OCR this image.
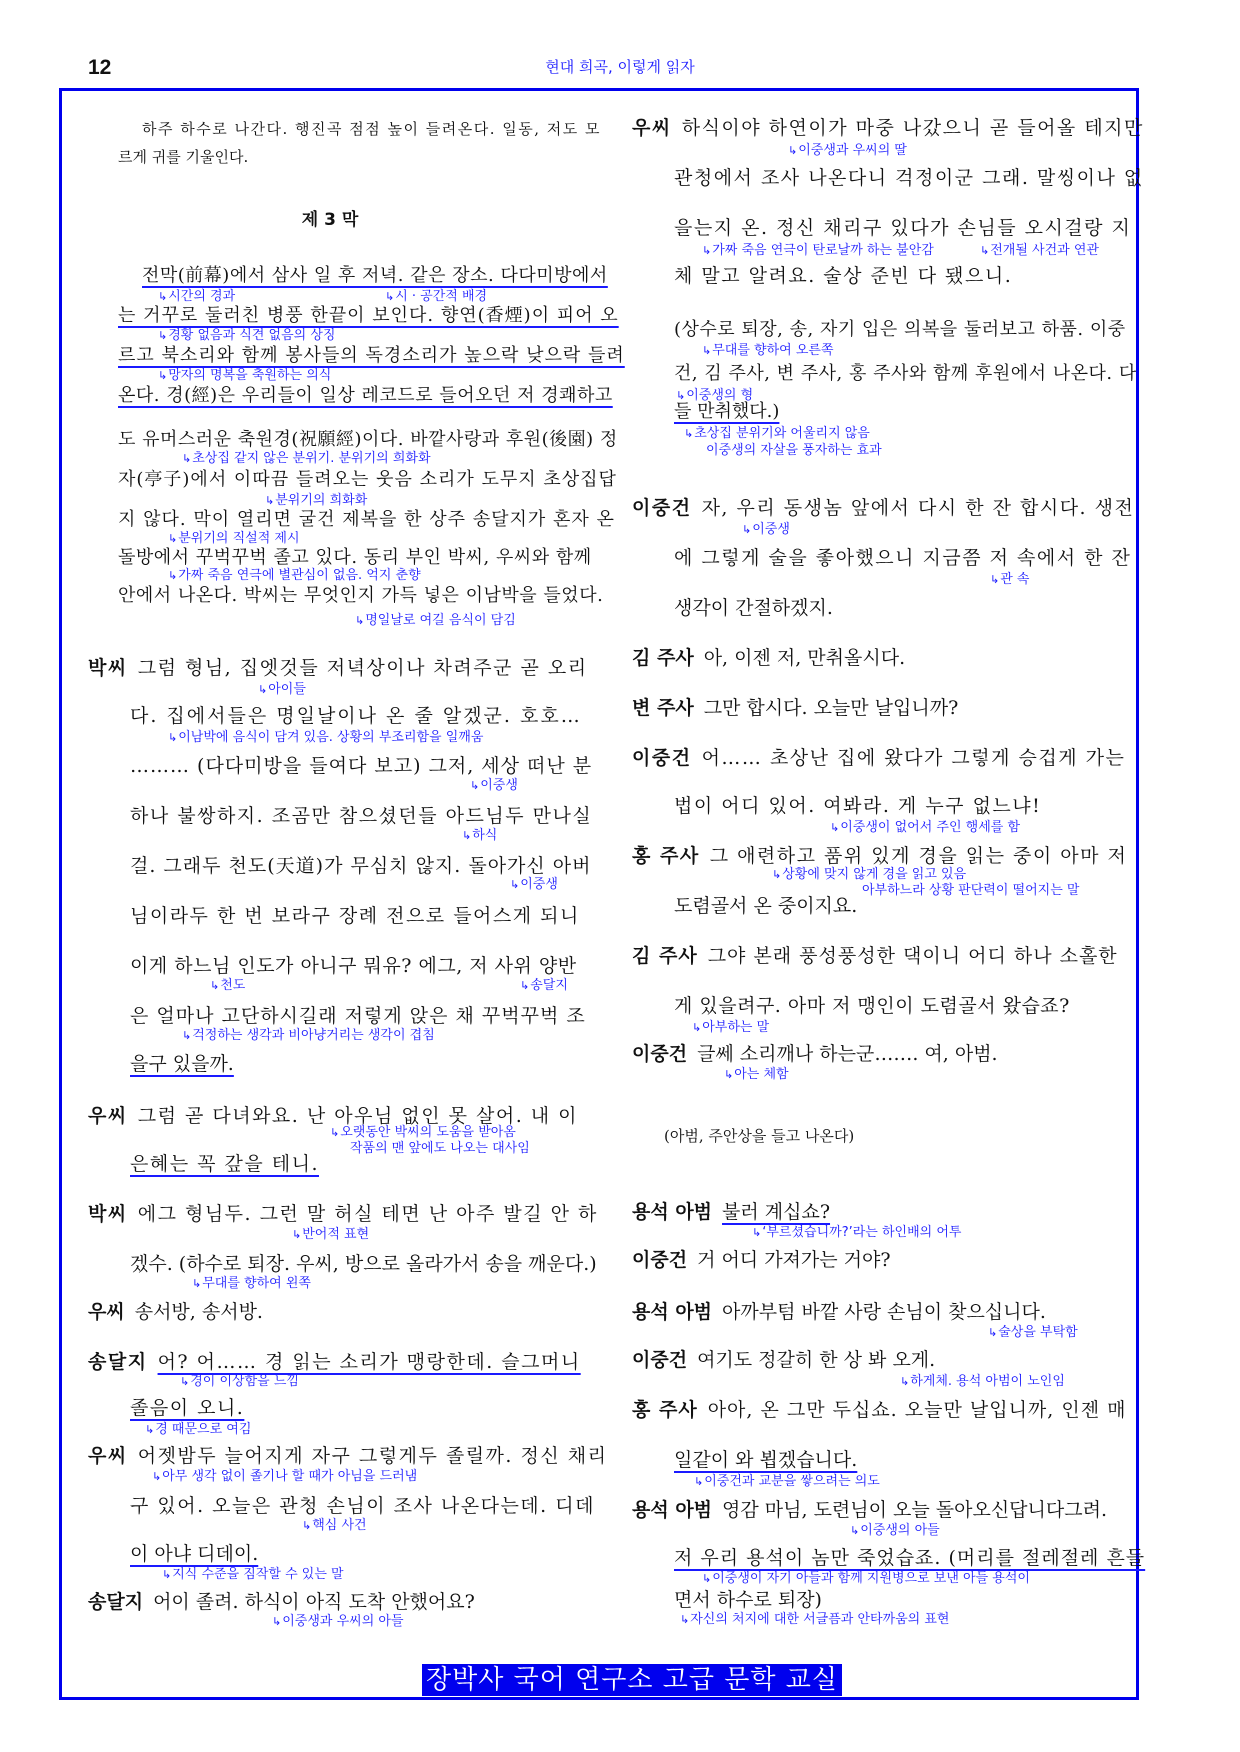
12	현대 희곡, 이렇게 읽자
하주 하수로 나간다. 행진곡 점점 높이 들려온다. 일동, 저도 모
르게 귀를 기울인다.
제 3 막
전막(前幕)에서 삼사 일 후 저녁. 같은 장소. 다다미방에서
↳ 시간의 경과	↳ 시 · 공간적 배경
는 거꾸로 둘러친 병풍 한끝이 보인다. 향연(香煙)이 피어 오
↳ 경황 없음과 식견 없음의 상징
르고 북소리와 함께 봉사들의 독경소리가 높으락 낮으락 들려
↳ 망자의 명복을 축원하는 의식
온다. 경(經)은 우리들이 일상 레코드로 들어오던 저 경쾌하고
도 유머스러운 축원경(祝願經)이다. 바깥사랑과 후원(後園) 정
↳ 초상집 같지 않은 분위기. 분위기의 희화화
자(亭子)에서 이따끔 들려오는 웃음 소리가 도무지 초상집답
↳ 분위기의 희화화
지 않다. 막이 열리면 굴건 제복을 한 상주 송달지가 혼자 온
↳ 분위기의 직설적 제시
돌방에서 꾸벅꾸벅 졸고 있다. 동리 부인 박씨, 우씨와 함께
↳ 가짜 죽음 연극에 별관심이 없음. 억지 춘향
안에서 나온다. 박씨는 무엇인지 가득 넣은 이남박을 들었다.
↳ 명일날로 여길 음식이 담김
박씨 그럼 형님, 집엣것들 저녁상이나 차려주군 곧 오리
↳ 아이들
다. 집에서들은 명일날이나 온 줄 알겠군. 호호…
↳ 이남박에 음식이 담겨 있음. 상황의 부조리함을 일깨움
……… (다다미방을 들여다 보고) 그저, 세상 떠난 분
↳ 이중생
하나 불쌍하지. 조곰만 참으셨던들 아드님두 만나실
↳ 하식
걸. 그래두 천도(天道)가 무심치 않지. 돌아가신 아버
↳ 이중생
님이라두 한 번 보라구 장례 전으로 들어스게 되니
이게 하느님 인도가 아니구 뭐유? 에그, 저 사위 양반
↳ 천도	↳ 송달지
은 얼마나 고단하시길래 저렇게 앉은 채 꾸벅꾸벅 조
↳ 걱정하는 생각과 비아냥거리는 생각이 겹침
을구 있을까.
우씨 그럼 곧 다녀와요. 난 아우님 없인 못 살어. 내 이
↳ 오랫동안 박씨의 도움을 받아옴
작품의 맨 앞에도 나오는 대사임
은혜는 꼭 갚을 테니.
박씨 에그 형님두. 그런 말 허실 테면 난 아주 발길 안 하
↳ 반어적 표현
겠수. (하수로 퇴장. 우씨, 방으로 올라가서 송을 깨운다.)
↳ 무대를 향하여 왼쪽
우씨 송서방, 송서방.
송달지 어? 어…… 경 읽는 소리가 맹랑한데. 슬그머니
↳ 경이 이상함을 느낌
졸음이 오니.
↳ 경 때문으로 여김
우씨 어젯밤두 늘어지게 자구 그렇게두 졸릴까. 정신 채리
↳ 아무 생각 없이 졸기나 할 때가 아님을 드러냄
구 있어. 오늘은 관청 손님이 조사 나온다는데. 디데
↳ 핵심 사건
이 아냐 디데이.
↳ 지식 수준을 짐작할 수 있는 말
송달지 어이 졸려. 하식이 아직 도착 안했어요?
↳ 이중생과 우씨의 아들
우씨 하식이야 하연이가 마중 나갔으니 곧 들어올 테지만
↳ 이중생과 우씨의 딸
관청에서 조사 나온다니 걱정이군 그래. 말씽이나 없
을는지 온. 정신 채리구 있다가 손님들 오시걸랑 지
↳ 가짜 죽음 연극이 탄로날까 하는 불안감	↳ 전개될 사건과 연관
체 말고 알려요. 술상 준빈 다 됐으니.
(상수로 퇴장, 송, 자기 입은 의복을 둘러보고 하품. 이중
↳ 무대를 향하여 오른쪽
건, 김 주사, 변 주사, 홍 주사와 함께 후원에서 나온다. 다
↳ 이중생의 형
들 만취했다.)
↳ 초상집 분위기와 어울리지 않음
이중생의 자살을 풍자하는 효과
이중건 자, 우리 동생놈 앞에서 다시 한 잔 합시다. 생전
↳ 이중생
에 그렇게 술을 좋아했으니 지금쯤 저 속에서 한 잔
↳ 관 속
생각이 간절하겠지.
김 주사 아, 이젠 저, 만취올시다.
변 주사 그만 합시다. 오늘만 날입니까?
이중건 어…… 초상난 집에 왔다가 그렇게 승겁게 가는
법이 어디 있어. 여봐라. 게 누구 없느냐!
↳ 이중생이 없어서 주인 행세를 함
홍 주사 그 애련하고 품위 있게 경을 읽는 중이 아마 저
↳ 상황에 맞지 않게 경을 읽고 있음
아부하느라 상황 판단력이 떨어지는 말
도렴골서 온 중이지요.
김 주사 그야 본래 풍성풍성한 댁이니 어디 하나 소홀한
게 있을려구. 아마 저 맹인이 도렴골서 왔습죠?
↳ 아부하는 말
이중건 글쎄 소리깨나 하는군……. 여, 아범.
↳ 아는 체함
(아범, 주안상을 들고 나온다)
용석 아범 불러 계십쇼?
↳ ‘부르셨습니까?’라는 하인배의 어투
이중건 거 어디 가져가는 거야?
용석 아범 아까부텀 바깥 사랑 손님이 찾으십니다.
↳ 술상을 부탁함
이중건 여기도 정갈히 한 상 봐 오게.
↳ 하게체. 용석 아범이 노인임
홍 주사 아아, 온 그만 두십쇼. 오늘만 날입니까, 인젠 매
일같이 와 뵙겠습니다.
↳ 이중건과 교분을 쌓으려는 의도
용석 아범 영감 마님, 도련님이 오늘 돌아오신답니다그려.
↳ 이중생의 아들
저 우리 용석이 놈만 죽었습죠. (머리를 절레절레 흔들
↳ 이중생이 자기 아들과 함께 지원병으로 보낸 아들 용석이
면서 하수로 퇴장)
↳ 자신의 처지에 대한 서글픔과 안타까움의 표현
장박사 국어 연구소 고급 문학 교실
